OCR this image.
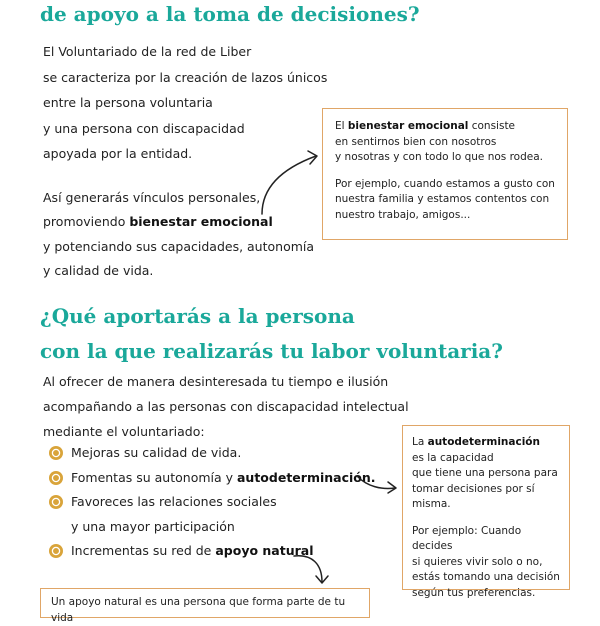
de apoyo a la toma de decisiones?
El Voluntariado de la red de Liber
se caracteriza por la creación de lazos únicos
entre la persona voluntaria
y una persona con discapacidad
apoyada por la entidad.
Así generarás vínculos personales,
promoviendo bienestar emocional
y potenciando sus capacidades, autonomía
y calidad de vida.

El bienestar emocional consiste

en sentirnos bien con nosotros

y nosotras y con todo lo que nos rodea.

Por ejemplo, cuando estamos a gusto con

nuestra familia y estamos contentos con

nuestro trabajo, amigos...

¿Qué aportarás a la persona
con la que realizarás tu labor voluntaria?
Al ofrecer de manera desinteresada tu tiempo e ilusión
acompañando a las personas con discapacidad intelectual
mediante el voluntariado:
Mejoras su calidad de vida.
Fomentas su autonomía y autodeterminación.
Favoreces las relaciones sociales
y una mayor participación
Incrementas su red de apoyo natural

La autodeterminación

es la capacidad

que tiene una persona para

tomar decisiones por sí

misma.

Por ejemplo: Cuando decides

si quieres vivir solo o no,

estás tomando una decisión

según tus preferencias.

Un apoyo natural es una persona que forma parte de tu vida
